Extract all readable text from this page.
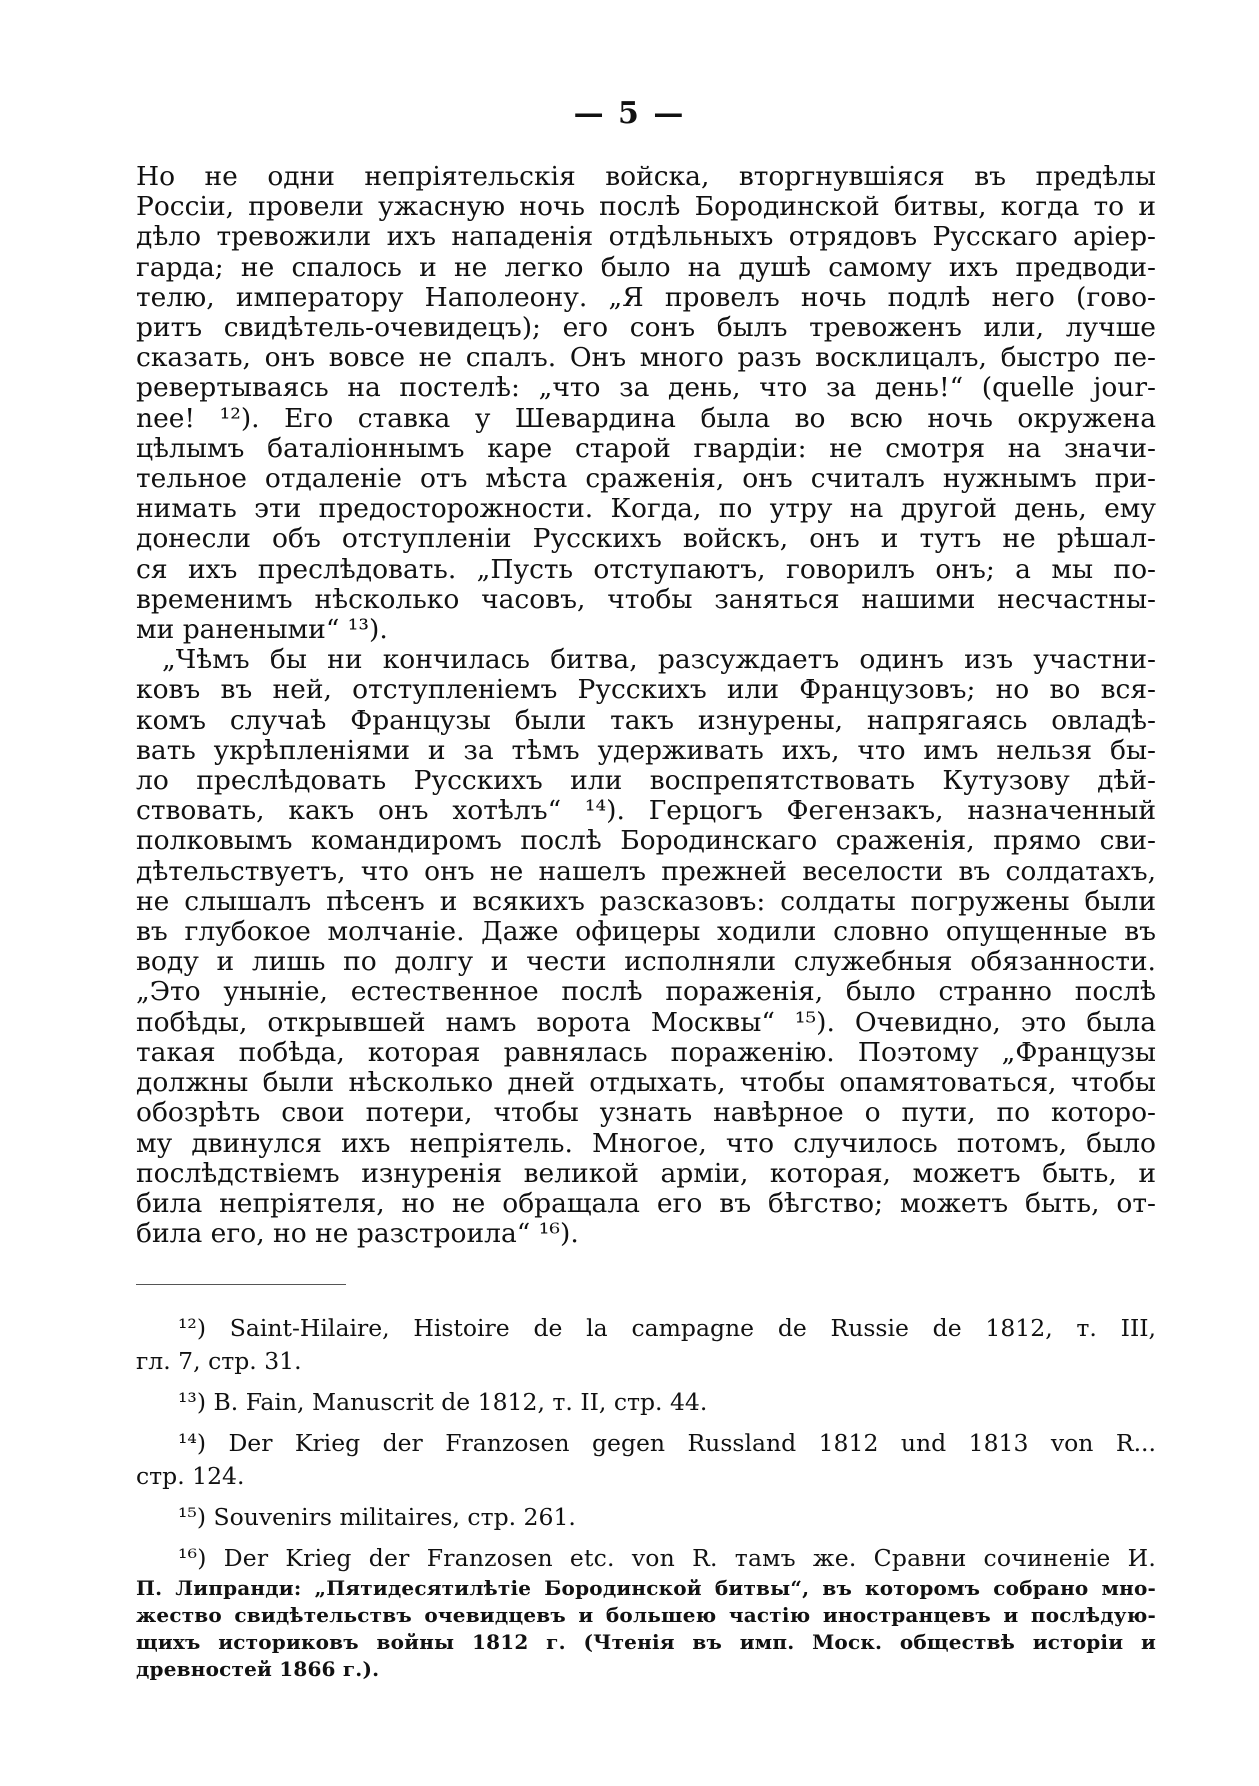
— 5 —
Но не одни непріятельскія войска, вторгнувшіяся въ предѣлы
Россіи, провели ужасную ночь послѣ Бородинской битвы, когда то и
дѣло тревожили ихъ нападенія отдѣльныхъ отрядовъ Русскаго аріер-
гарда; не спалось и не легко было на душѣ самому ихъ предводи-
телю, императору Наполеону. „Я провелъ ночь подлѣ него (гово-
ритъ свидѣтель-очевидецъ); его сонъ былъ тревоженъ или, лучше
сказать, онъ вовсе не спалъ. Онъ много разъ восклицалъ, быстро пе-
ревертываясь на постелѣ: „что за день, что за день!“ (quelle jour-
nee! ¹²). Его ставка у Шевардина была во всю ночь окружена
цѣлымъ баталіоннымъ каре старой гвардіи: не смотря на значи-
тельное отдаленіе отъ мѣста сраженія, онъ считалъ нужнымъ при-
нимать эти предосторожности. Когда, по утру на другой день, ему
донесли объ отступленіи Русскихъ войскъ, онъ и тутъ не рѣшал-
ся ихъ преслѣдовать. „Пусть отступаютъ, говорилъ онъ; а мы по-
временимъ нѣсколько часовъ, чтобы заняться нашими несчастны-
ми ранеными“ ¹³).
„Чѣмъ бы ни кончилась битва, разсуждаетъ одинъ изъ участни-
ковъ въ ней, отступленіемъ Русскихъ или Французовъ; но во вся-
комъ случаѣ Французы были такъ изнурены, напрягаясь овладѣ-
вать укрѣпленіями и за тѣмъ удерживать ихъ, что имъ нельзя бы-
ло преслѣдовать Русскихъ или воспрепятствовать Кутузову дѣй-
ствовать, какъ онъ хотѣлъ“ ¹⁴). Герцогъ Фегензакъ, назначенный
полковымъ командиромъ послѣ Бородинскаго сраженія, прямо сви-
дѣтельствуетъ, что онъ не нашелъ прежней веселости въ солдатахъ,
не слышалъ пѣсенъ и всякихъ разсказовъ: солдаты погружены были
въ глубокое молчаніе. Даже офицеры ходили словно опущенные въ
воду и лишь по долгу и чести исполняли служебныя обязанности.
„Это уныніе, естественное послѣ пораженія, было странно послѣ
побѣды, открывшей намъ ворота Москвы“ ¹⁵). Очевидно, это была
такая побѣда, которая равнялась пораженію. Поэтому „Французы
должны были нѣсколько дней отдыхать, чтобы опамятоваться, чтобы
обозрѣть свои потери, чтобы узнать навѣрное о пути, по которо-
му двинулся ихъ непріятель. Многое, что случилось потомъ, было
послѣдствіемъ изнуренія великой арміи, которая, можетъ быть, и
била непріятеля, но не обращала его въ бѣгство; можетъ быть, от-
била его, но не разстроила“ ¹⁶).
¹²) Saint-Hilaire, Histoire de la campagne de Russie de 1812, т. III,
гл. 7, стр. 31.
¹³) B. Fain, Manuscrit de 1812, т. II, стр. 44.
¹⁴) Der Krieg der Franzosen gegen Russland 1812 und 1813 von R...
стр. 124.
¹⁵) Souvenirs militaires, стр. 261.
¹⁶) Der Krieg der Franzosen etc. von R. тамъ же. Сравни сочиненіе И.
П. Липранди: „Пятидесятилѣтіе Бородинской битвы“, въ которомъ собрано мно-
жество свидѣтельствъ очевидцевъ и большею частію иностранцевъ и послѣдую-
щихъ историковъ войны 1812 г. (Чтенія въ имп. Моск. обществѣ исторіи и
древностей 1866 г.).
